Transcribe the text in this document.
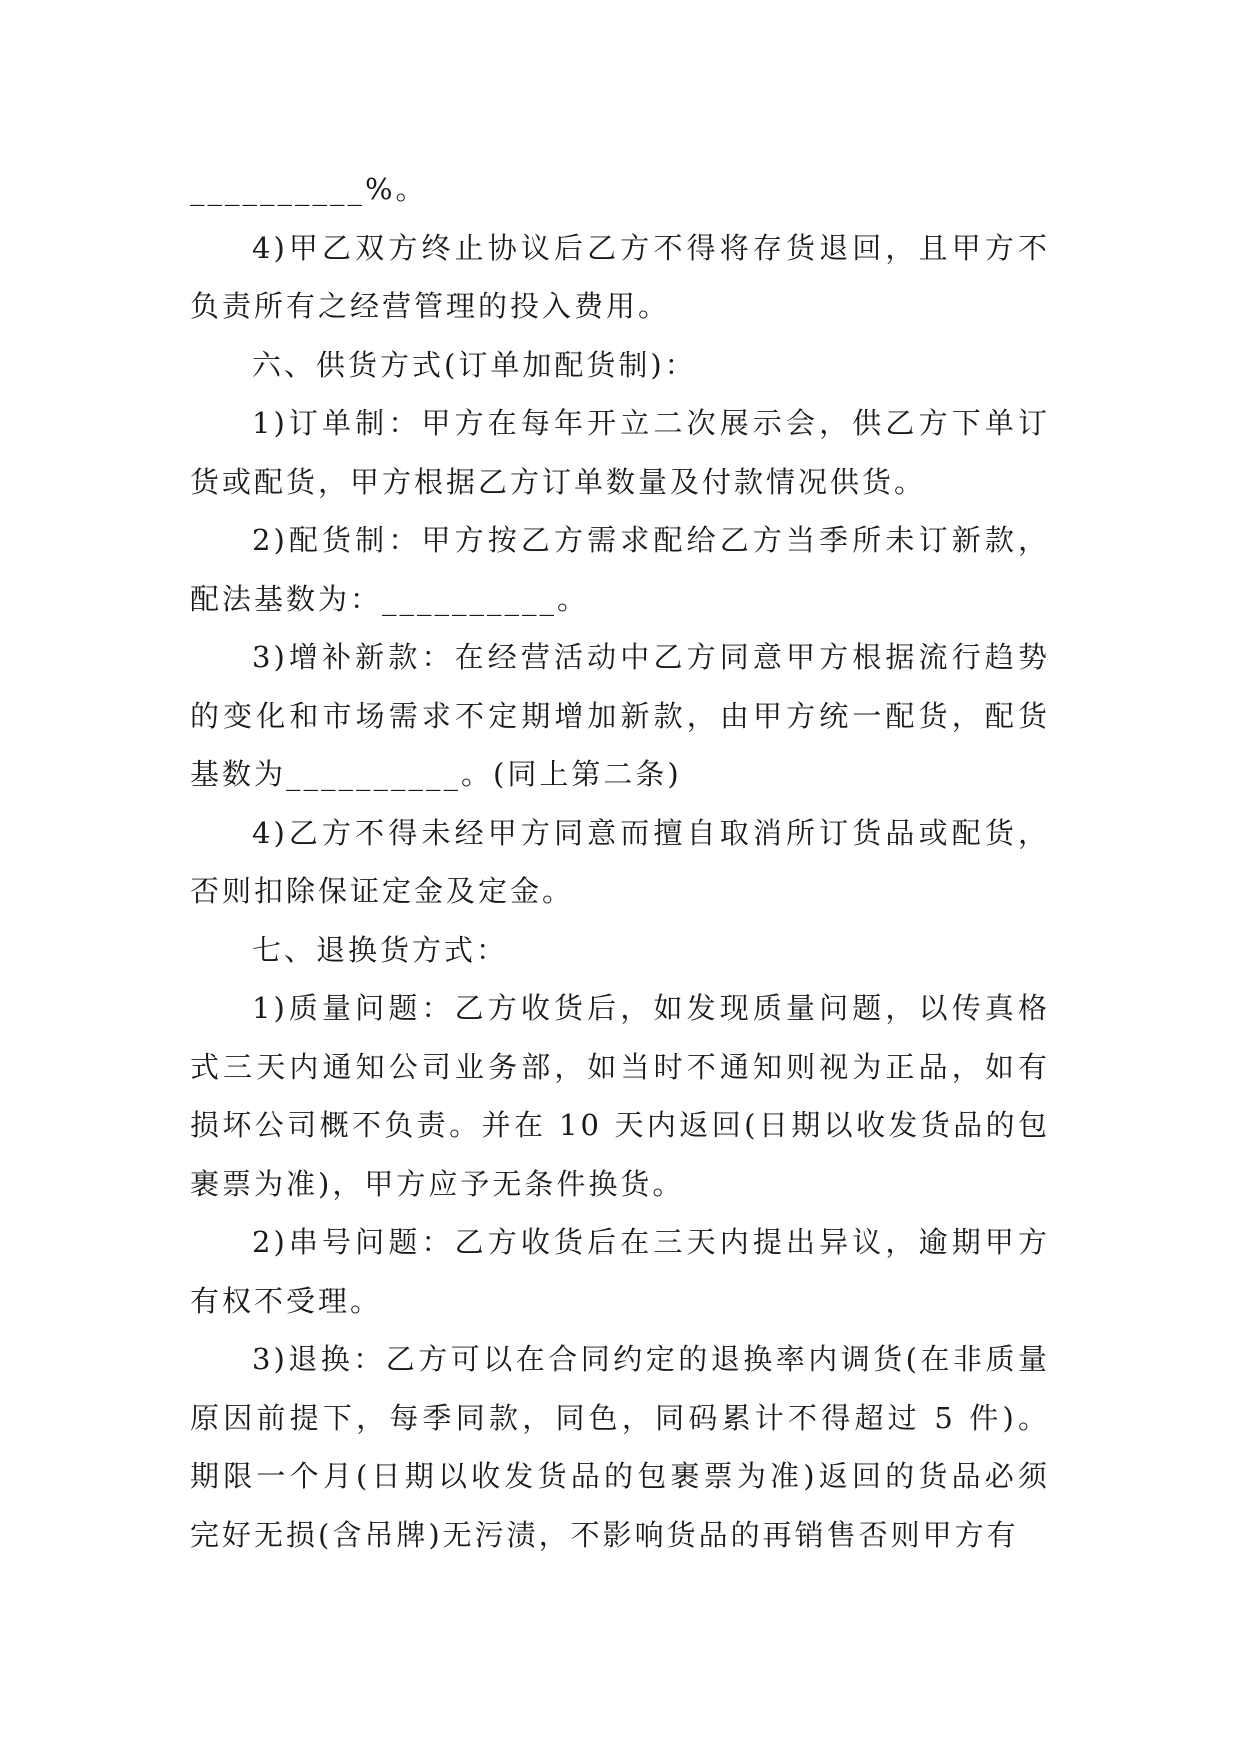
__________%。

4)甲乙双方终止协议后乙方不得将存货退回，且甲方不负责所有之经营管理的投入费用。

六、供货方式(订单加配货制)：

1)订单制：甲方在每年开立二次展示会，供乙方下单订货或配货，甲方根据乙方订单数量及付款情况供货。

2)配货制：甲方按乙方需求配给乙方当季所未订新款，配法基数为：__________。

3)增补新款：在经营活动中乙方同意甲方根据流行趋势的变化和市场需求不定期增加新款，由甲方统一配货，配货基数为__________。(同上第二条)

4)乙方不得未经甲方同意而擅自取消所订货品或配货，否则扣除保证定金及定金。

七、退换货方式：

1)质量问题：乙方收货后，如发现质量问题，以传真格式三天内通知公司业务部，如当时不通知则视为正品，如有损坏公司概不负责。并在 10 天内返回(日期以收发货品的包裹票为准)，甲方应予无条件换货。

2)串号问题：乙方收货后在三天内提出异议，逾期甲方有权不受理。

3)退换：乙方可以在合同约定的退换率内调货(在非质量原因前提下，每季同款，同色，同码累计不得超过 5 件)。期限一个月(日期以收发货品的包裹票为准)返回的货品必须完好无损(含吊牌)无污渍，不影响货品的再销售否则甲方有
